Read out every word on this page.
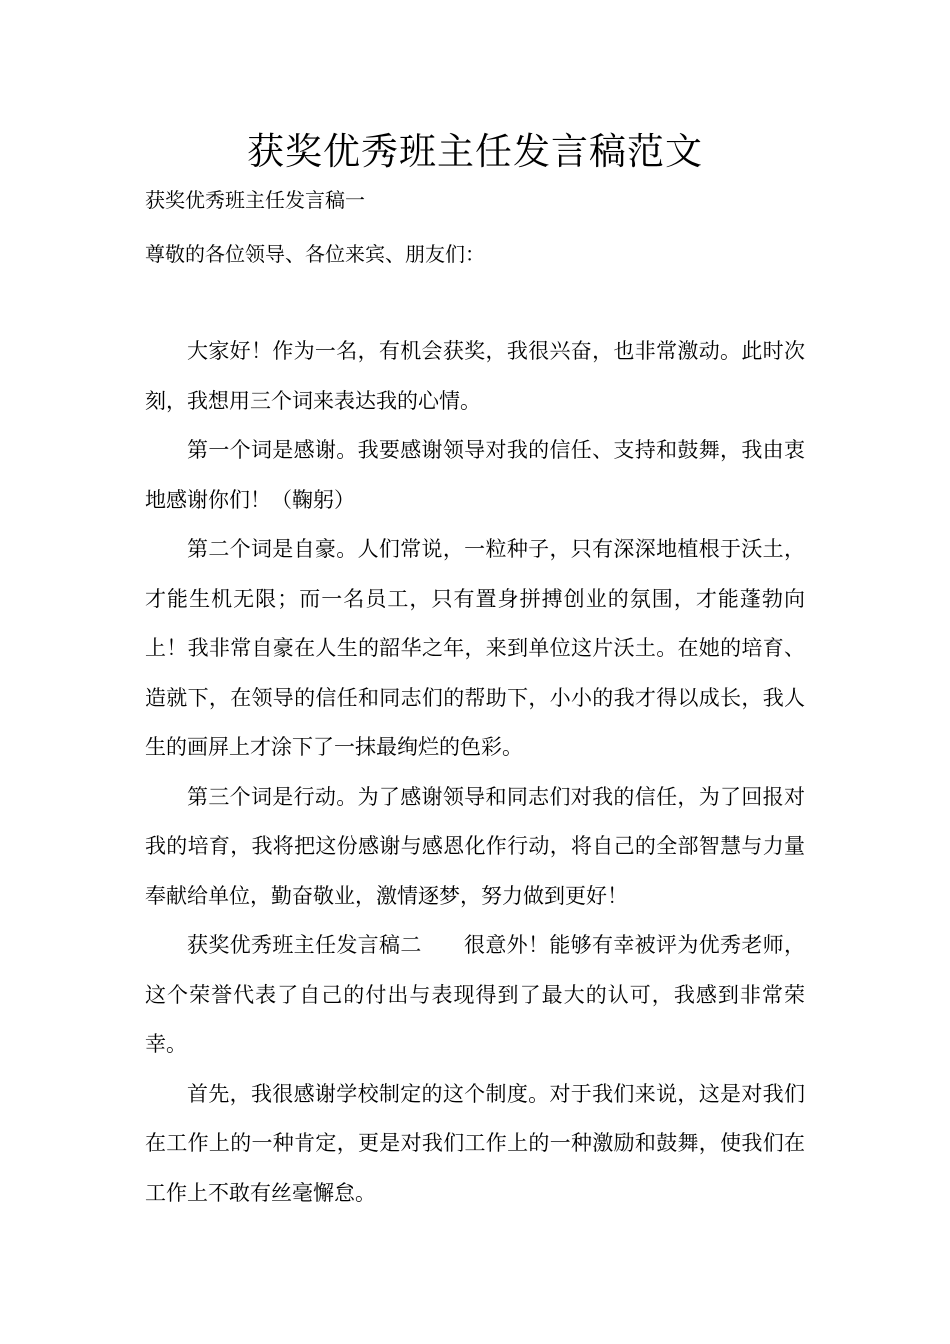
获奖优秀班主任发言稿范文

获奖优秀班主任发言稿一

尊敬的各位领导、各位来宾、朋友们：

大家好！作为一名，有机会获奖，我很兴奋，也非常激动。此时次刻，我想用三个词来表达我的心情。

第一个词是感谢。我要感谢领导对我的信任、支持和鼓舞，我由衷地感谢你们！（鞠躬）

第二个词是自豪。人们常说，一粒种子，只有深深地植根于沃土，才能生机无限；而一名员工，只有置身拼搏创业的氛围，才能蓬勃向上！我非常自豪在人生的韶华之年，来到单位这片沃土。在她的培育、造就下，在领导的信任和同志们的帮助下，小小的我才得以成长，我人生的画屏上才涂下了一抹最绚烂的色彩。

第三个词是行动。为了感谢领导和同志们对我的信任，为了回报对我的培育，我将把这份感谢与感恩化作行动，将自己的全部智慧与力量奉献给单位，勤奋敬业，激情逐梦，努力做到更好！

获奖优秀班主任发言稿二 很意外！能够有幸被评为优秀老师，这个荣誉代表了自己的付出与表现得到了最大的认可，我感到非常荣幸。

首先，我很感谢学校制定的这个制度。对于我们来说，这是对我们在工作上的一种肯定，更是对我们工作上的一种激励和鼓舞，使我们在工作上不敢有丝毫懈怠。
